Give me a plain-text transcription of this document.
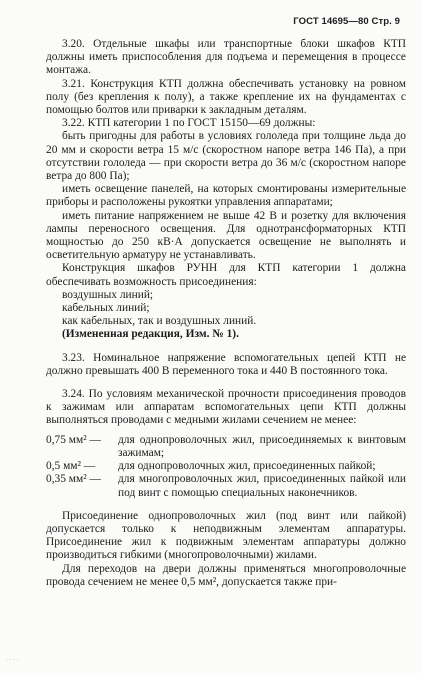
ГОСТ 14695—80 Стр. 9

3.20. Отдельные шкафы или транспортные блоки шкафов КТП должны иметь приспособления для подъема и перемещения в процессе монтажа.

3.21. Конструкция КТП должна обеспечивать установку на ровном полу (без крепления к полу), а также крепление их на фундаментах с помощью болтов или приварки к закладным деталям.

3.22. КТП категории 1 по ГОСТ 15150—69 должны:

быть пригодны для работы в условиях гололеда при толщине льда до 20 мм и скорости ветра 15 м/с (скоростном напоре ветра 146 Па), а при отсутствии гололеда — при скорости ветра до 36 м/с (скоростном напоре ветра до 800 Па);

иметь освещение панелей, на которых смонтированы измерительные приборы и расположены рукоятки управления аппаратами;

иметь питание напряжением не выше 42 В и розетку для включения лампы переносного освещения. Для однотрансформаторных КТП мощностью до 250 кВ·А допускается освещение не выполнять и осветительную арматуру не устанавливать.

Конструкция шкафов РУНН для КТП категории 1 должна обеспечивать возможность присоединения:

воздушных линий;

кабельных линий;

как кабельных, так и воздушных линий.

(Измененная редакция, Изм. № 1).

3.23. Номинальное напряжение вспомогательных цепей КТП не должно превышать 400 В переменного тока и 440 В постоянного тока.

3.24. По условиям механической прочности присоединения проводов к зажимам или аппаратам вспомогательных цепи КТП должны выполняться проводами с медными жилами сечением не менее:

0,75 мм² —	для однопроволочных жил, присоединяемых к винтовым зажимам;
0,5 мм² —	для однопроволочных жил, присоединенных пайкой;
0,35 мм² —	для многопроволочных жил, присоединенных пайкой или под винт с помощью специальных наконечников.

Присоединение однопроволочных жил (под винт или пайкой) допускается только к неподвижным элементам аппаратуры. Присоединение жил к подвижным элементам аппаратуры должно производиться гибкими (многопроволочными) жилами.

Для переходов на двери должны применяться многопроволочные провода сечением не менее 0,5 мм², допускается также при-

· · · ·
